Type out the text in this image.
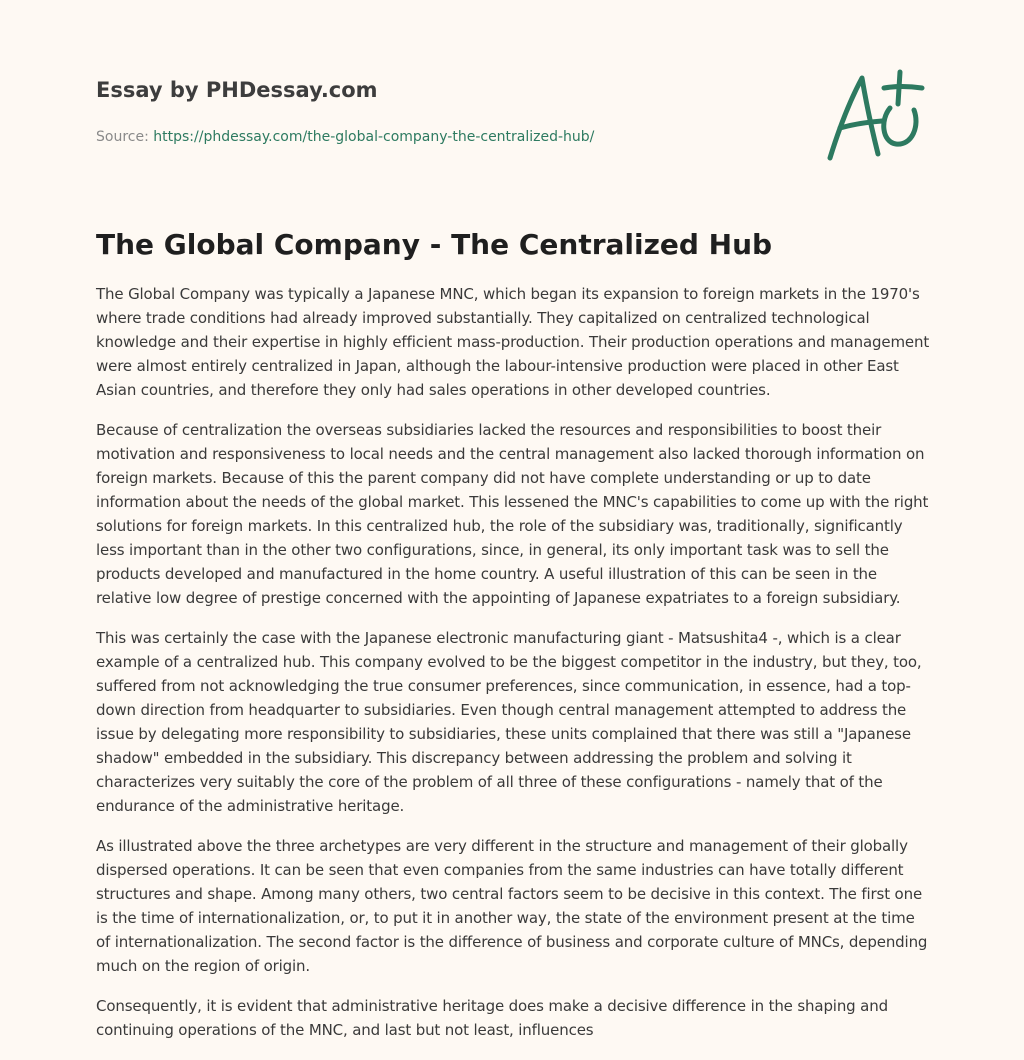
Essay by PHDessay.com
Source: https://phdessay.com/the-global-company-the-centralized-hub/
The Global Company - The Centralized Hub

The Global Company was typically a Japanese MNC, which began its expansion to foreign markets in the 1970's where trade conditions had already improved substantially. They capitalized on centralized technological knowledge and their expertise in highly efficient mass-production. Their production operations and management were almost entirely centralized in Japan, although the labour-intensive production were placed in other East Asian countries, and therefore they only had sales operations in other developed countries.

Because of centralization the overseas subsidiaries lacked the resources and responsibilities to boost their motivation and responsiveness to local needs and the central management also lacked thorough information on foreign markets. Because of this the parent company did not have complete understanding or up to date information about the needs of the global market. This lessened the MNC's capabilities to come up with the right solutions for foreign markets. In this centralized hub, the role of the subsidiary was, traditionally, significantly less important than in the other two configurations, since, in general, its only important task was to sell the products developed and manufactured in the home country. A useful illustration of this can be seen in the relative low degree of prestige concerned with the appointing of Japanese expatriates to a foreign subsidiary.

This was certainly the case with the Japanese electronic manufacturing giant - Matsushita4 -, which is a clear example of a centralized hub. This company evolved to be the biggest competitor in the industry, but they, too, suffered from not acknowledging the true consumer preferences, since communication, in essence, had a top-down direction from headquarter to subsidiaries. Even though central management attempted to address the issue by delegating more responsibility to subsidiaries, these units complained that there was still a "Japanese shadow" embedded in the subsidiary. This discrepancy between addressing the problem and solving it characterizes very suitably the core of the problem of all three of these configurations - namely that of the endurance of the administrative heritage.

As illustrated above the three archetypes are very different in the structure and management of their globally dispersed operations. It can be seen that even companies from the same industries can have totally different structures and shape. Among many others, two central factors seem to be decisive in this context. The first one is the time of internationalization, or, to put it in another way, the state of the environment present at the time of internationalization. The second factor is the difference of business and corporate culture of MNCs, depending much on the region of origin.

Consequently, it is evident that administrative heritage does make a decisive difference in the shaping and continuing operations of the MNC, and last but not least, influences
